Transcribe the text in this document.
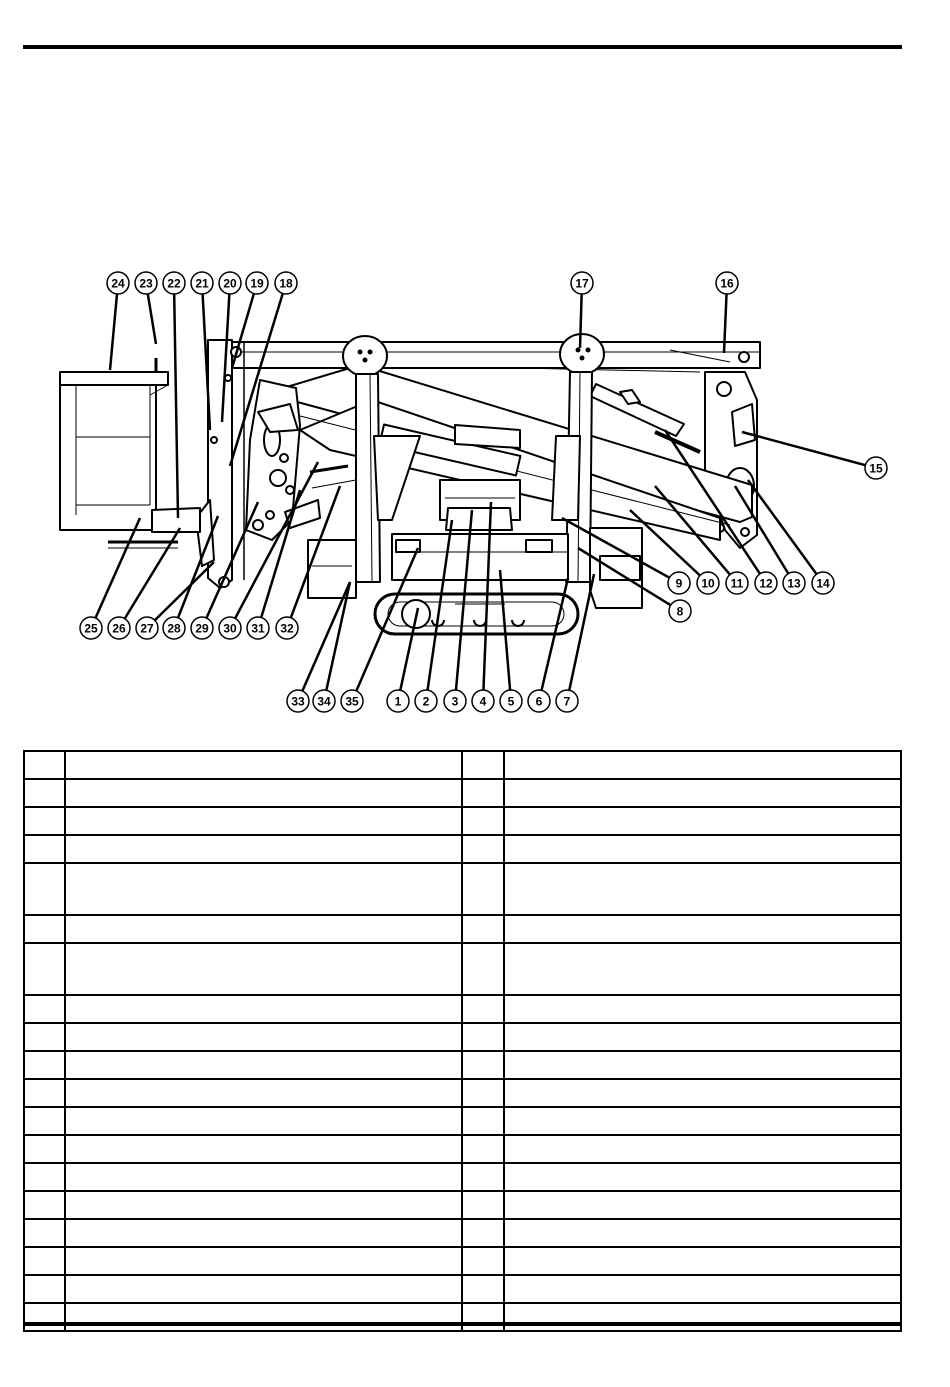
1 2 3 4 5 6 7
8
9 10 11 12 13 14
15
16
17
18
19
20
21
22
23
24
25 26 27 28 29 30 31 32
33 34 35
